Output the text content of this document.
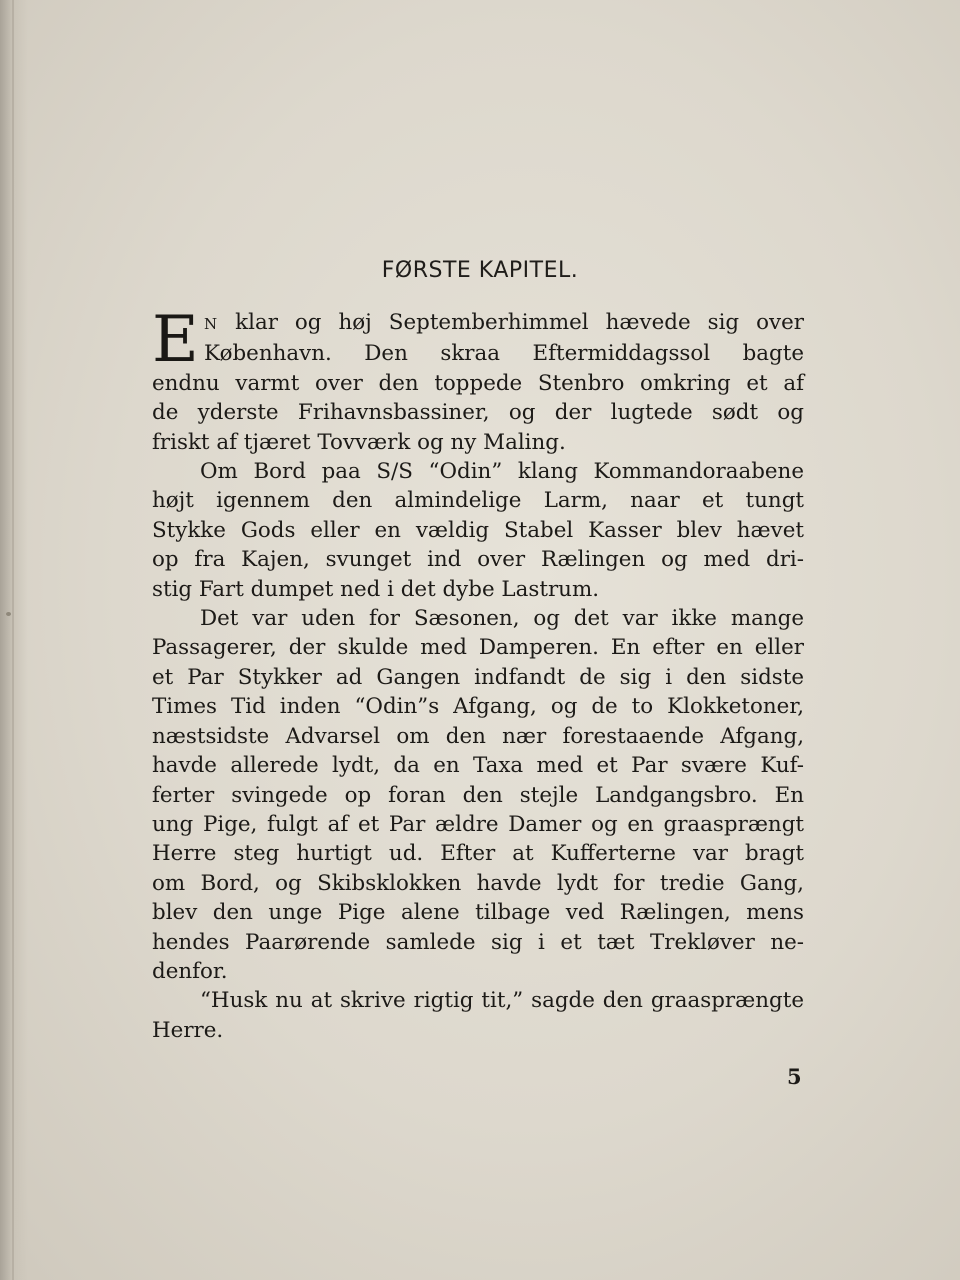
FØRSTE KAPITEL.
E N klar og høj Septemberhimmel hævede sig over
København. Den skraa Eftermiddagssol bagte
endnu varmt over den toppede Stenbro omkring et af
de yderste Frihavnsbassiner, og der lugtede sødt og
friskt af tjæret Tovværk og ny Maling.
Om Bord paa S/S “Odin” klang Kommandoraabene
højt igennem den almindelige Larm, naar et tungt
Stykke Gods eller en vældig Stabel Kasser blev hævet
op fra Kajen, svunget ind over Rælingen og med dri-
stig Fart dumpet ned i det dybe Lastrum.
Det var uden for Sæsonen, og det var ikke mange
Passagerer, der skulde med Damperen. En efter en eller
et Par Stykker ad Gangen indfandt de sig i den sidste
Times Tid inden “Odin”s Afgang, og de to Klokketoner,
næstsidste Advarsel om den nær forestaaende Afgang,
havde allerede lydt, da en Taxa med et Par svære Kuf-
ferter svingede op foran den stejle Landgangsbro. En
ung Pige, fulgt af et Par ældre Damer og en graasprængt
Herre steg hurtigt ud. Efter at Kufferterne var bragt
om Bord, og Skibsklokken havde lydt for tredie Gang,
blev den unge Pige alene tilbage ved Rælingen, mens
hendes Paarørende samlede sig i et tæt Trekløver ne-
denfor.
“Husk nu at skrive rigtig tit,” sagde den graasprængte
Herre.
5
